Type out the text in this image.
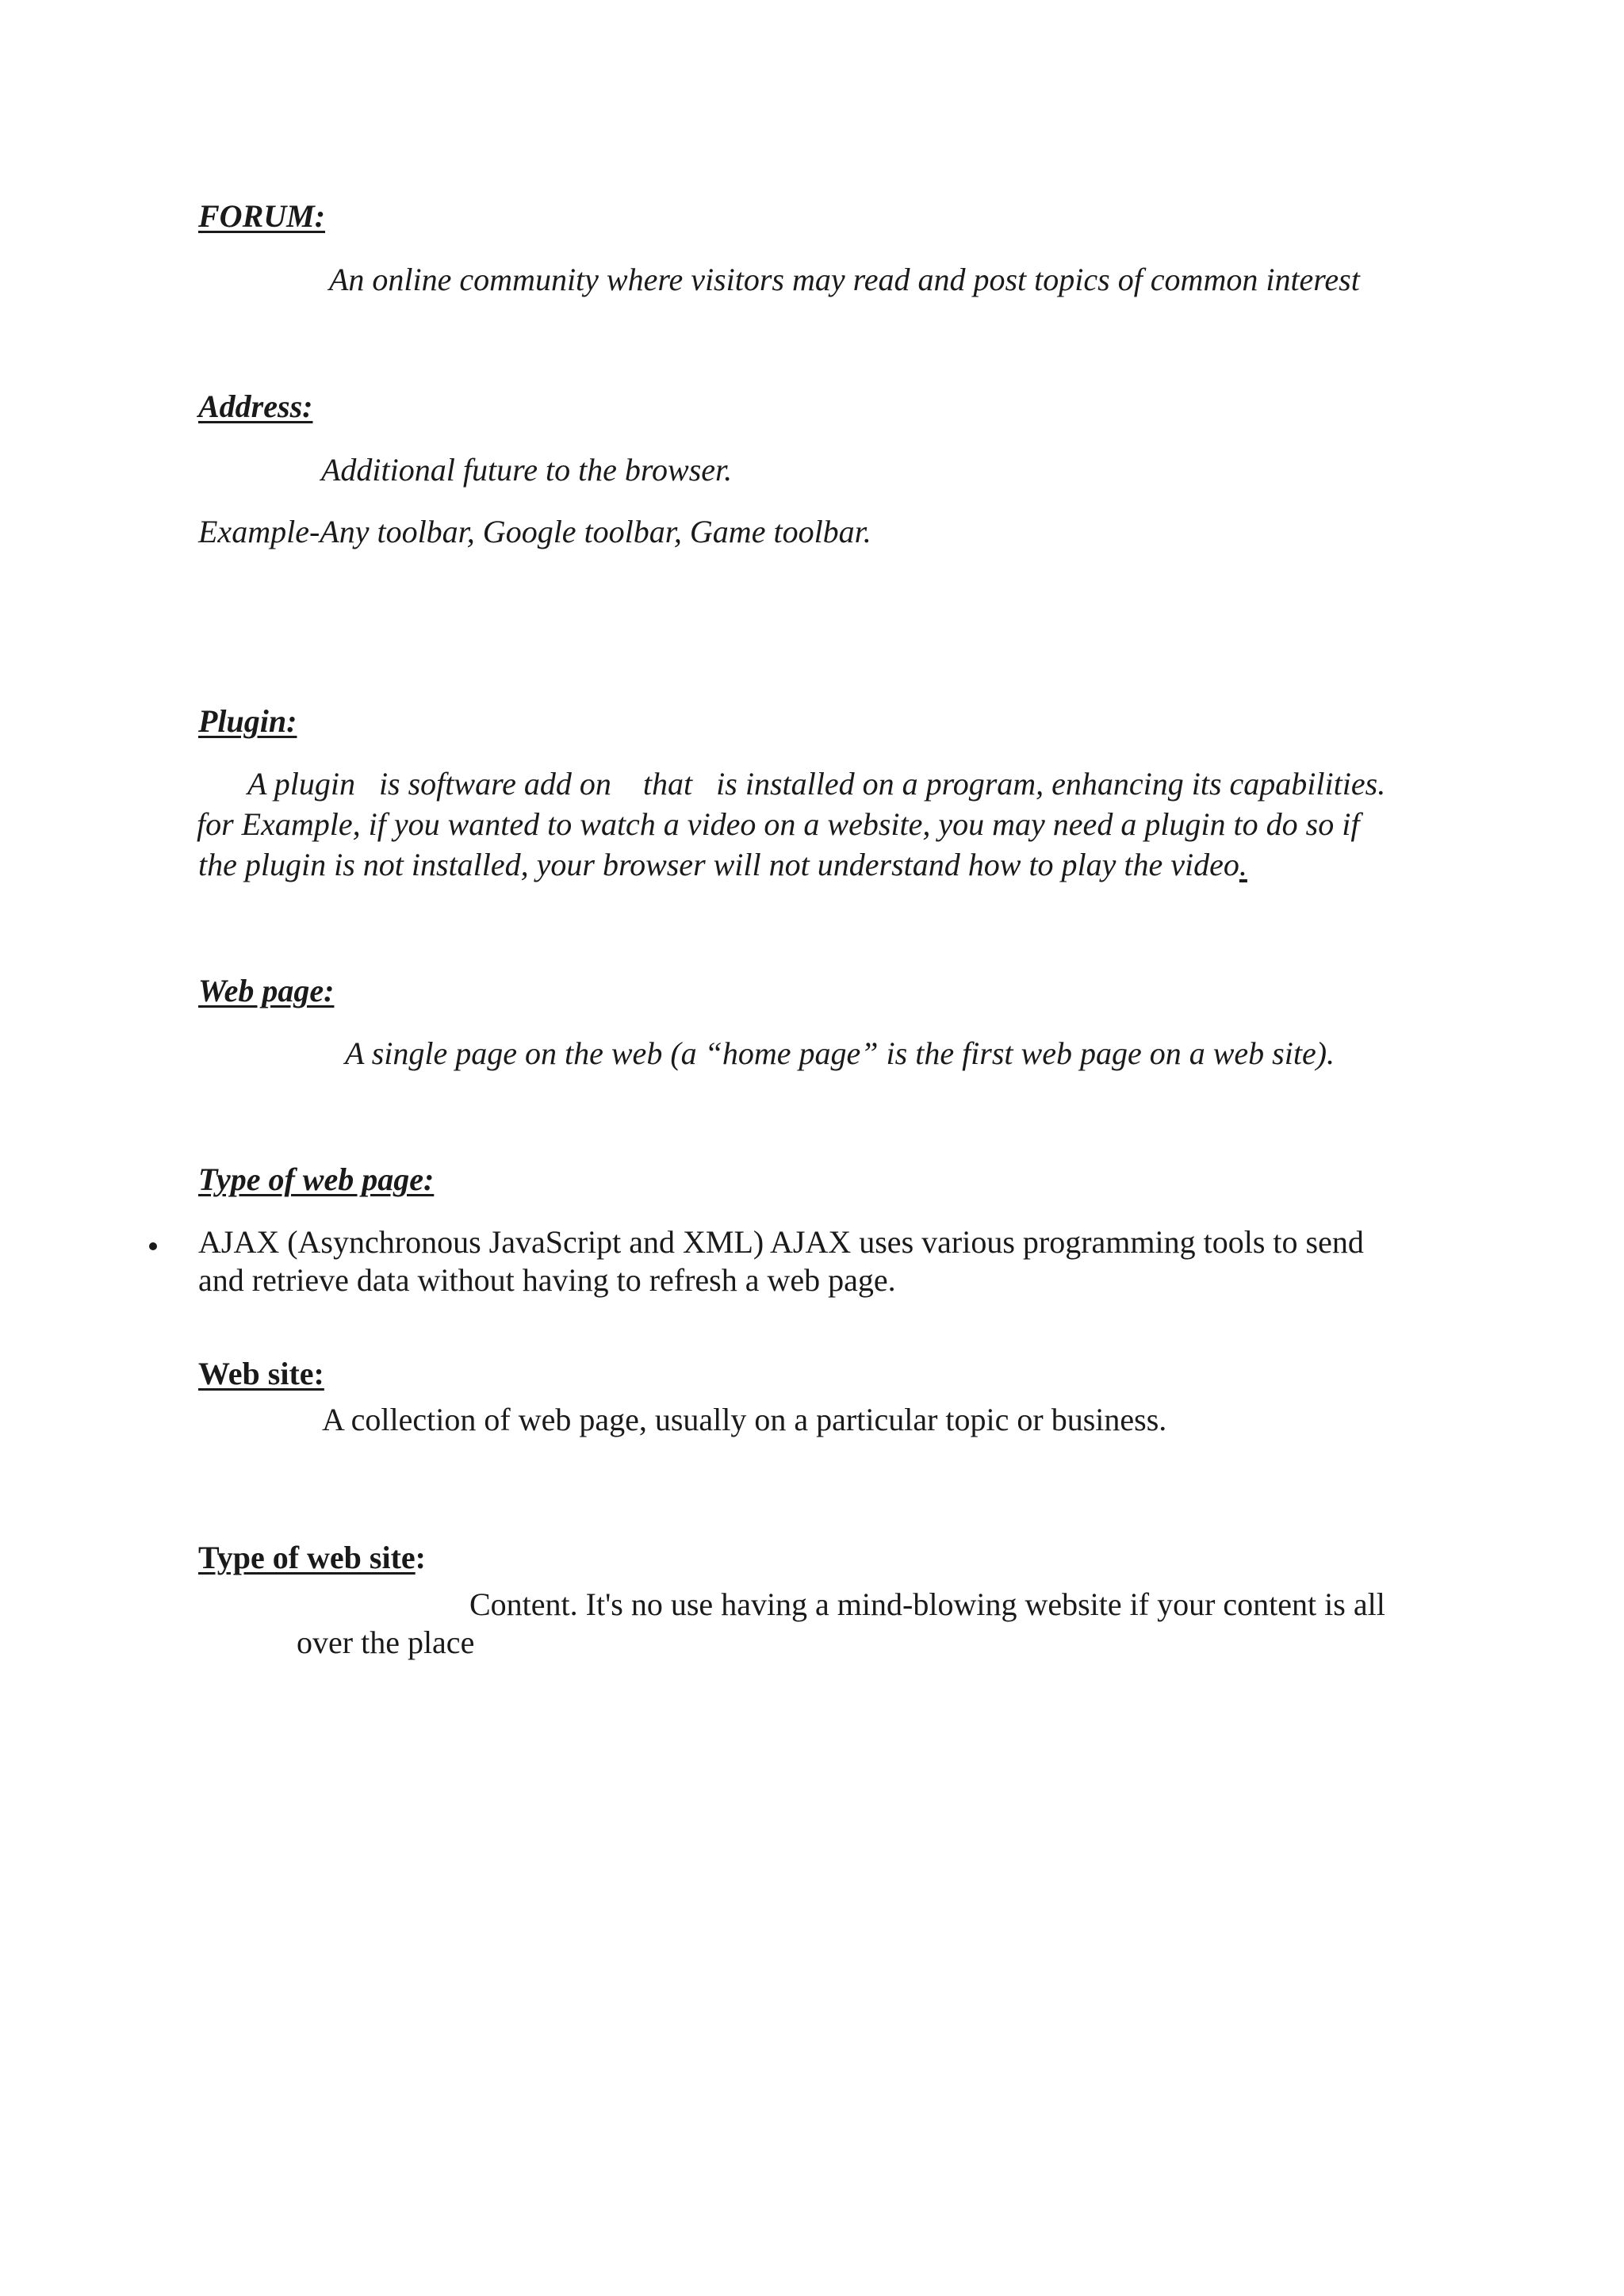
FORUM:

An online community where visitors may read and post topics of common interest

Address:

Additional future to the browser.

Example-Any toolbar, Google toolbar, Game toolbar.

Plugin:

A plugin   is software add on    that   is installed on a program, enhancing its capabilities.

for Example, if you wanted to watch a video on a website, you may need a plugin to do so if

the plugin is not installed, your browser will not understand how to play the video.

Web page:

A single page on the web (a “home page” is the first web page on a web site).

Type of web page:

AJAX (Asynchronous JavaScript and XML) AJAX uses various programming tools to send

and retrieve data without having to refresh a web page.

Web site:

A collection of web page, usually on a particular topic or business.

Type of web site:

Content. It's no use having a mind-blowing website if your content is all

over the place
